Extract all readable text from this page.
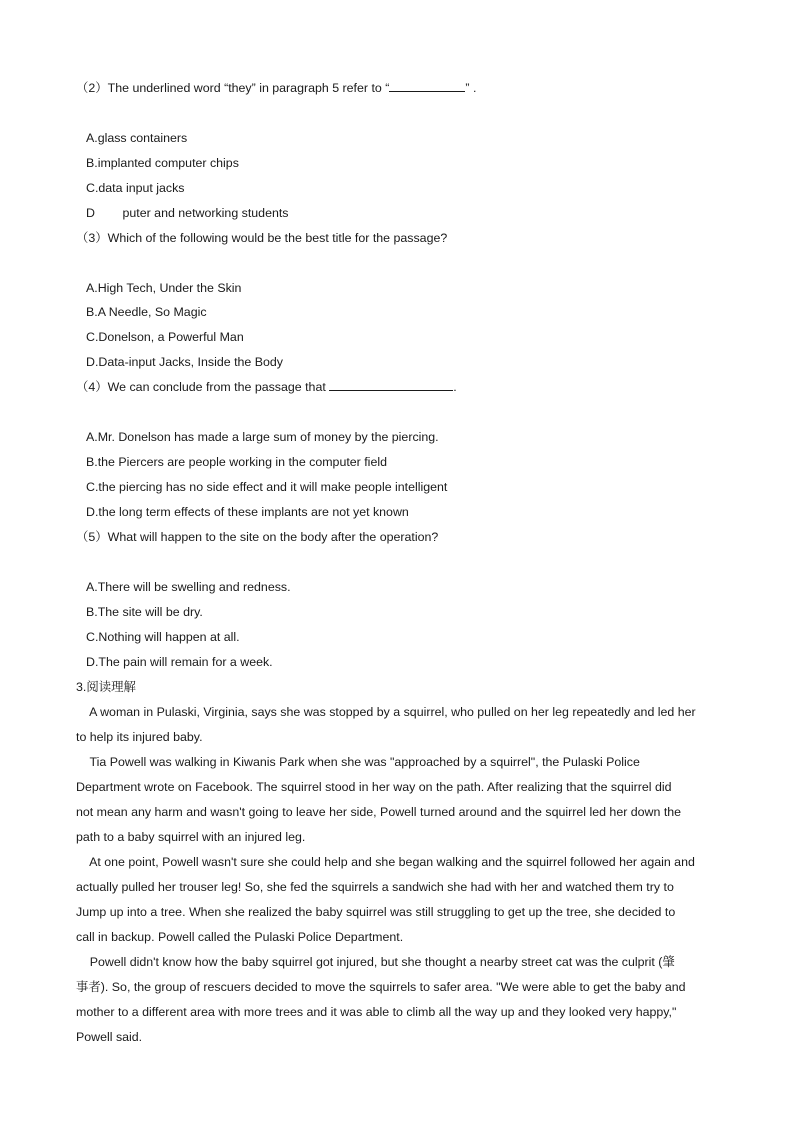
（2）The underlined word “they” in paragraph 5 refer to “	” .
A.glass containers
B.implanted computer chips
C.data input jacks
D        puter and networking students
（3）Which of the following would be the best title for the passage?
A.High Tech, Under the Skin
B.A Needle, So Magic
C.Donelson, a Powerful Man
D.Data-input Jacks, Inside the Body
（4）We can conclude from the passage that	.
A.Mr. Donelson has made a large sum of money by the piercing.
B.the Piercers are people working in the computer field
C.the piercing has no side effect and it will make people intelligent
D.the long term effects of these implants are not yet known
（5）What will happen to the site on the body after the operation?
A.There will be swelling and redness.
B.The site will be dry.
C.Nothing will happen at all.
D.The pain will remain for a week.
3.阅读理解
A woman in Pulaski, Virginia, says she was stopped by a squirrel, who pulled on her leg repeatedly and led her
to help its injured baby.
Tia Powell was walking in Kiwanis Park when she was "approached by a squirrel", the Pulaski Police
Department wrote on Facebook. The squirrel stood in her way on the path. After realizing that the squirrel did
not mean any harm and wasn't going to leave her side, Powell turned around and the squirrel led her down the
path to a baby squirrel with an injured leg.
At one point, Powell wasn't sure she could help and she began walking and the squirrel followed her again and
actually pulled her trouser leg! So, she fed the squirrels a sandwich she had with her and watched them try to
Jump up into a tree. When she realized the baby squirrel was still struggling to get up the tree, she decided to
call in backup. Powell called the Pulaski Police Department.
Powell didn't know how the baby squirrel got injured, but she thought a nearby street cat was the culprit (肇
事者). So, the group of rescuers decided to move the squirrels to safer area. "We were able to get the baby and
mother to a different area with more trees and it was able to climb all the way up and they looked very happy,"
Powell said.
